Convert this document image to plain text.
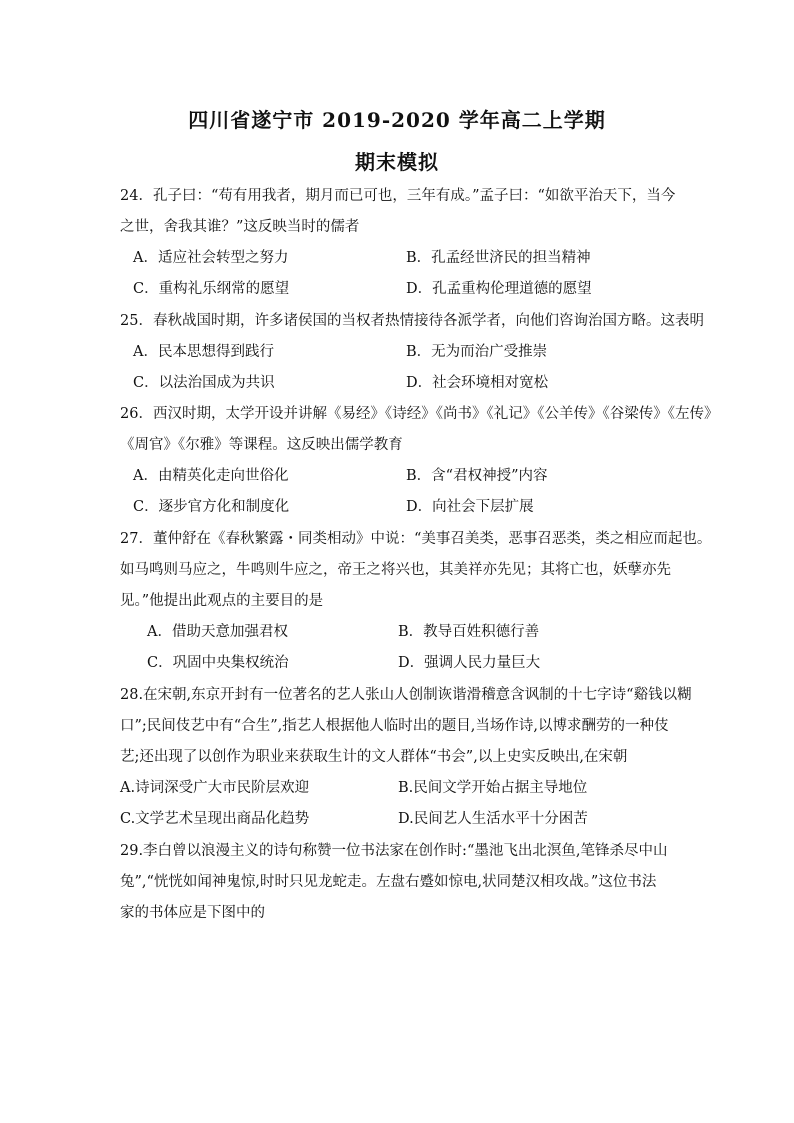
四川省遂宁市 2019-2020 学年高二上学期
期末模拟
24．孔子曰：“苟有用我者，期月而已可也，三年有成。”孟子曰：“如欲平治天下，当今
之世，舍我其谁？”这反映当时的儒者
A．适应社会转型之努力	B．孔孟经世济民的担当精神
C．重构礼乐纲常的愿望	D．孔孟重构伦理道德的愿望
25．春秋战国时期，许多诸侯国的当权者热情接待各派学者，向他们咨询治国方略。这表明
A．民本思想得到践行	B．无为而治广受推崇
C．以法治国成为共识	D．社会环境相对宽松
26．西汉时期，太学开设并讲解《易经》《诗经》《尚书》《礼记》《公羊传》《谷梁传》《左传》
《周官》《尔雅》等课程。这反映出儒学教育
A．由精英化走向世俗化	B．含“君权神授”内容
C．逐步官方化和制度化	D．向社会下层扩展
27．董仲舒在《春秋繁露・同类相动》中说：“美事召美类，恶事召恶类，类之相应而起也。
如马鸣则马应之，牛鸣则牛应之，帝王之将兴也，其美祥亦先见；其将亡也，妖孽亦先
见。”他提出此观点的主要目的是
A．借助天意加强君权	B．教导百姓积德行善
C．巩固中央集权统治	D．强调人民力量巨大
28.在宋朝,东京开封有一位著名的艺人张山人创制诙谐滑稽意含讽制的十七字诗“谿钱以糊
口”;民间伎艺中有“合生”,指艺人根据他人临时出的题目,当场作诗,以博求酬劳的一种伎
艺;还出现了以创作为职业来获取生计的文人群体“书会”,以上史实反映出,在宋朝
A.诗词深受广大市民阶层欢迎	B.民间文学开始占据主导地位
C.文学艺术呈现出商品化趋势	D.民间艺人生活水平十分困苦
29.李白曾以浪漫主义的诗句称赞一位书法家在创作时:“墨池飞出北溟鱼,笔锋杀尽中山
兔”,“恍恍如闻神鬼惊,时时只见龙蛇走。左盘右蹙如惊电,状同楚汉相攻战。”这位书法
家的书体应是下图中的
